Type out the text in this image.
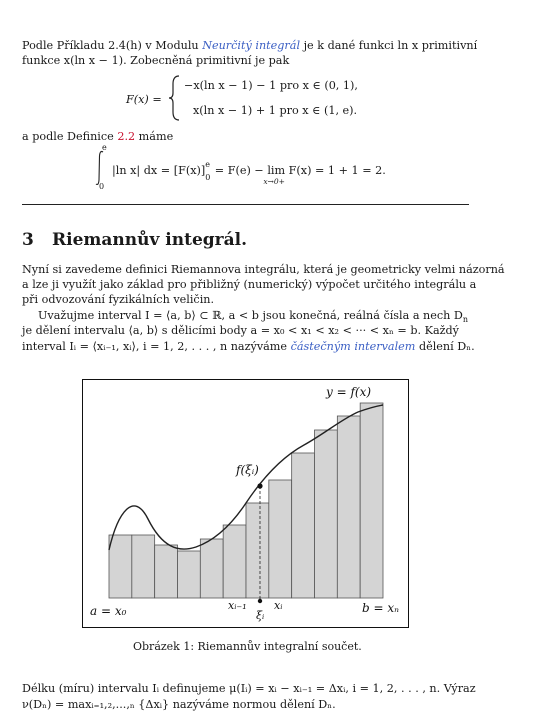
Podle Příkladu 2.4(h) v Modulu Neurčitý integrál je k dané funkci ln x primitivní
funkce x(ln x − 1). Zobecněná primitivní je pak
F(x) =
−x(ln x − 1) − 1 pro x ∈ (0, 1),
x(ln x − 1) + 1 pro x ∈ (1, e).
a podle Definice 2.2 máme
e
0
|ln x| dx = [F(x)] e
0
= F(e) − lim
x→0+
F(x) = 1 + 1 = 2.
3 Riemannův integrál.
Nyní si zavedeme definici Riemannova integrálu, která je geometricky velmi názorná
a lze ji využít jako základ pro přibližný (numerický) výpočet určitého integrálu a
při odvozování fyzikálních veličin.
Uvažujme interval I = ⟨a, b⟩ ⊂ ℝ, a < b jsou konečná, reálná čísla a nech $D_n$
je dělení intervalu ⟨a, b⟩ s dělicími body a = x₀ < x₁ < x₂ < ··· < xₙ = b. Každý
interval Iᵢ = ⟨xᵢ₋₁, xᵢ⟩, i = 1, 2, . . . , n nazýváme částečným intervalem dělení Dₙ.
y = f(x)
f(ξᵢ)
a = x₀	xᵢ₋₁
ξᵢ
xᵢ	b = xₙ
Obrázek 1: Riemannův integralní součet.
Délku (míru) intervalu Iᵢ definujeme μ(Iᵢ) = xᵢ − xᵢ₋₁ = Δxᵢ, i = 1, 2, . . . , n. Výraz
ν(Dₙ) = maxᵢ₌₁,₂,...,ₙ {Δxᵢ} nazýváme normou dělení Dₙ.
